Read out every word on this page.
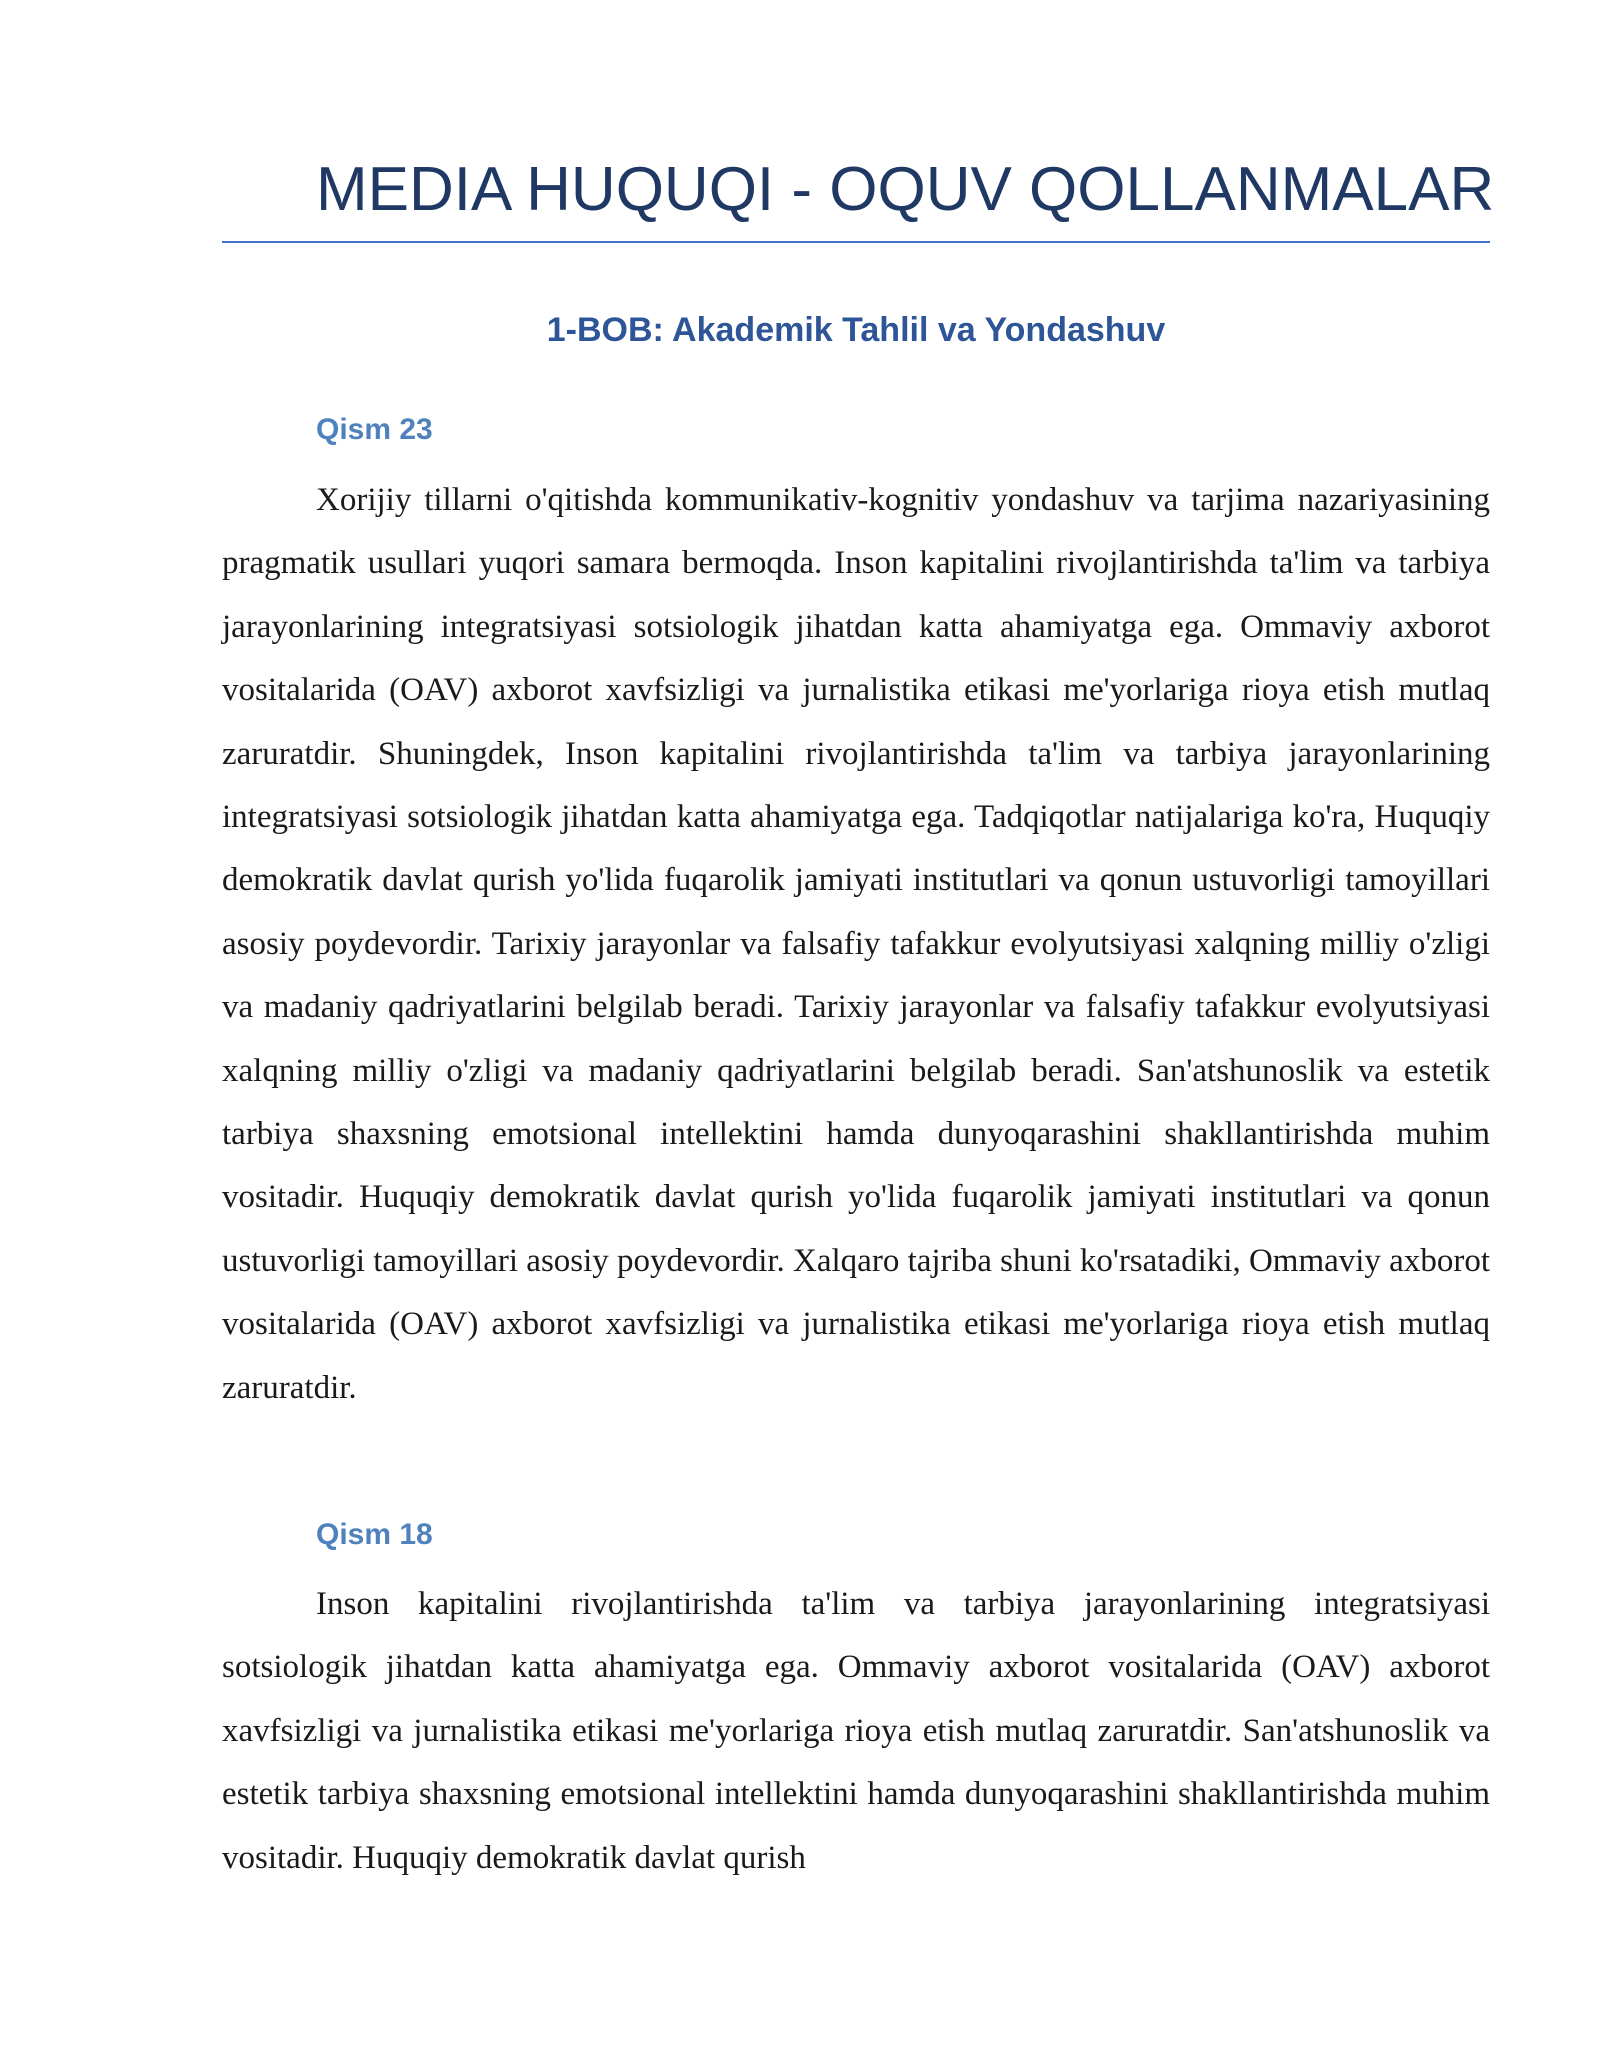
MEDIA HUQUQI - OQUV QOLLANMALAR
1-BOB: Akademik Tahlil va Yondashuv
Qism 23

Xorijiy tillarni o'qitishda kommunikativ-kognitiv yondashuv va tarjima nazariyasining pragmatik usullari yuqori samara bermoqda. Inson kapitalini rivojlantirishda ta'lim va tarbiya jarayonlarining integratsiyasi sotsiologik jihatdan katta ahamiyatga ega. Ommaviy axborot vositalarida (OAV) axborot xavfsizligi va jurnalistika etikasi me'yorlariga rioya etish mutlaq zaruratdir. Shuningdek, Inson kapitalini rivojlantirishda ta'lim va tarbiya jarayonlarining integratsiyasi sotsiologik jihatdan katta ahamiyatga ega. Tadqiqotlar natijalariga ko'ra, Huquqiy demokratik davlat qurish yo'lida fuqarolik jamiyati institutlari va qonun ustuvorligi tamoyillari asosiy poydevordir. Tarixiy jarayonlar va falsafiy tafakkur evolyutsiyasi xalqning milliy o'zligi va madaniy qadriyatlarini belgilab beradi. Tarixiy jarayonlar va falsafiy tafakkur evolyutsiyasi xalqning milliy o'zligi va madaniy qadriyatlarini belgilab beradi. San'atshunoslik va estetik tarbiya shaxsning emotsional intellektini hamda dunyoqarashini shakllantirishda muhim vositadir. Huquqiy demokratik davlat qurish yo'lida fuqarolik jamiyati institutlari va qonun ustuvorligi tamoyillari asosiy poydevordir. Xalqaro tajriba shuni ko'rsatadiki, Ommaviy axborot vositalarida (OAV) axborot xavfsizligi va jurnalistika etikasi me'yorlariga rioya etish mutlaq zaruratdir.

Qism 18

Inson kapitalini rivojlantirishda ta'lim va tarbiya jarayonlarining integratsiyasi sotsiologik jihatdan katta ahamiyatga ega. Ommaviy axborot vositalarida (OAV) axborot xavfsizligi va jurnalistika etikasi me'yorlariga rioya etish mutlaq zaruratdir. San'atshunoslik va estetik tarbiya shaxsning emotsional intellektini hamda dunyoqarashini shakllantirishda muhim vositadir. Huquqiy demokratik davlat qurish
